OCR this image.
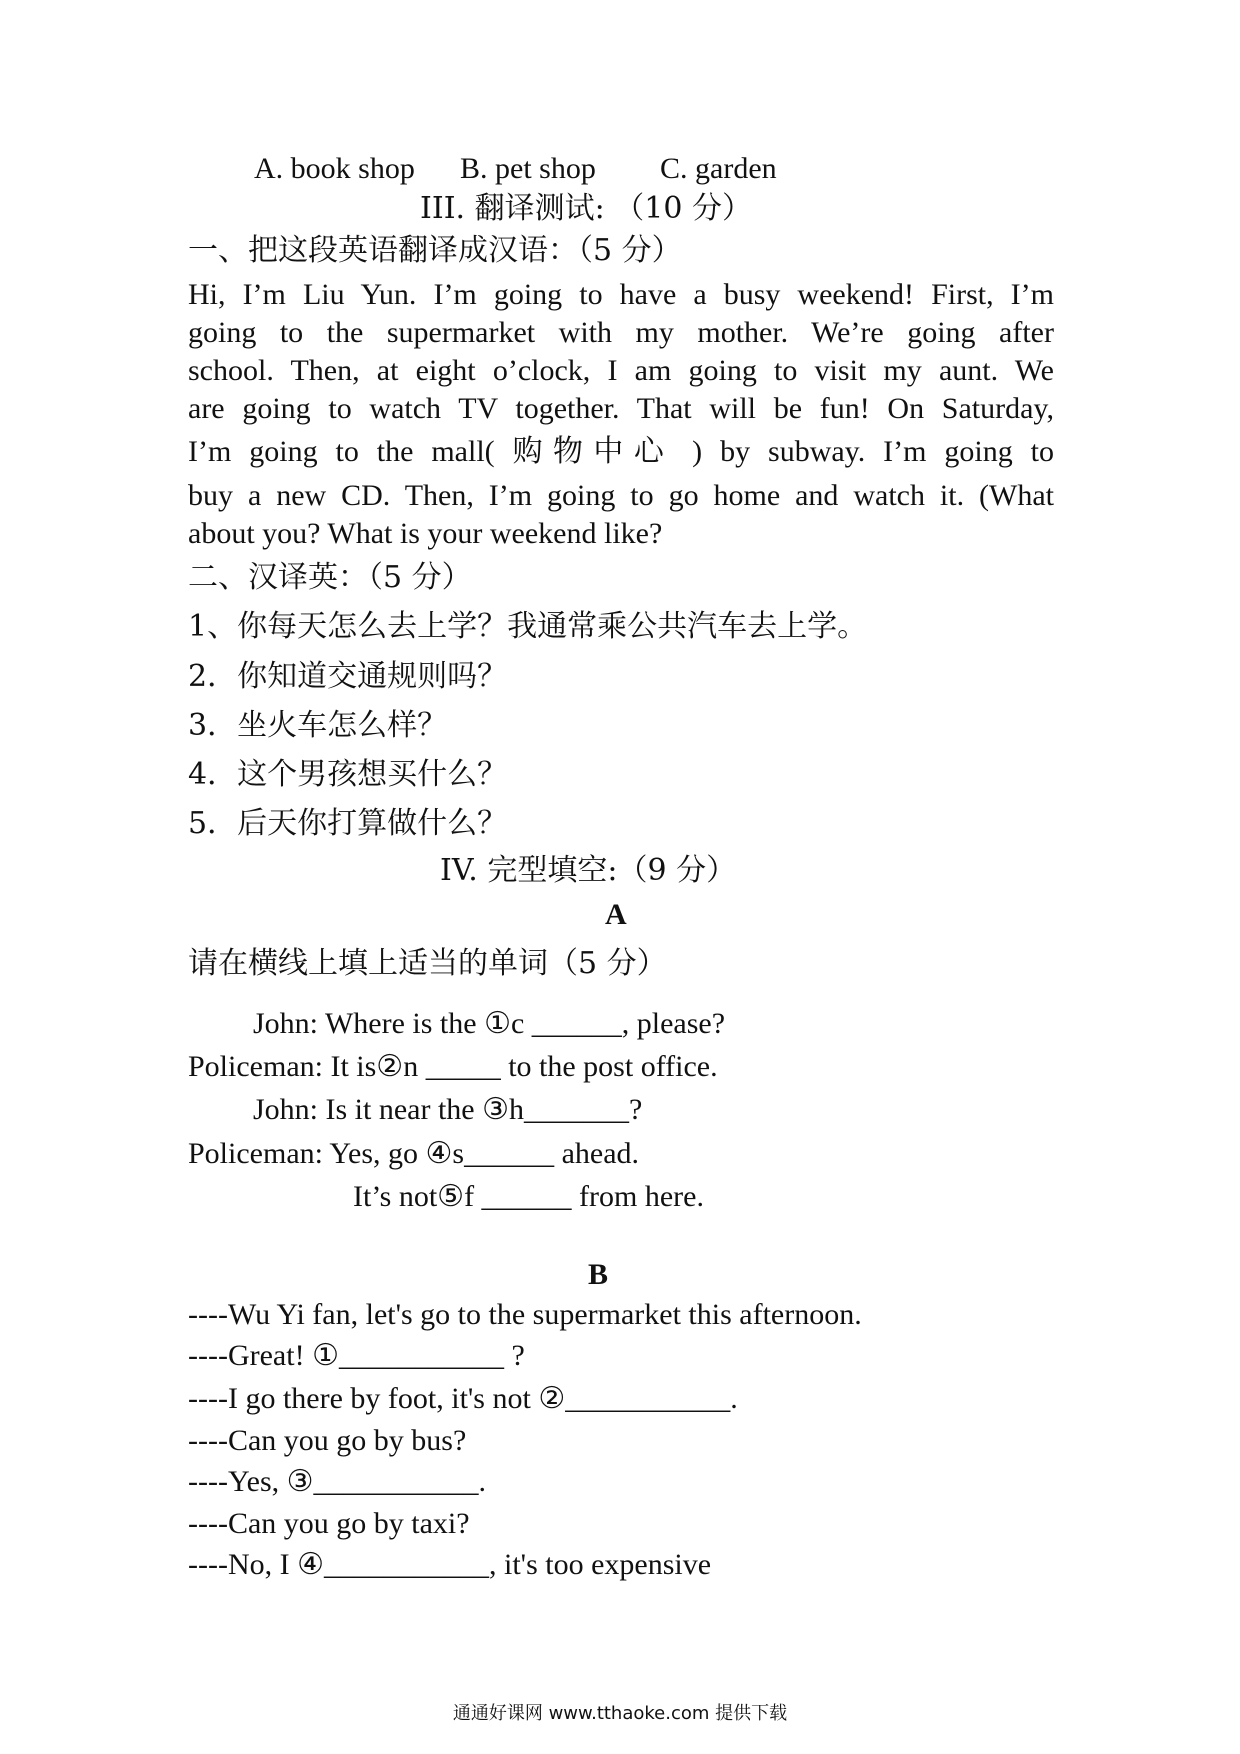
A. book shop B. pet shop C. garden
III. 翻译测试: （10 分）
一、把这段英语翻译成汉语：（5 分）
Hi, I’m Liu Yun. I’m going to have a busy weekend! First, I’m
going to the supermarket with my mother. We’re going after
school. Then, at eight o’clock, I am going to visit my aunt. We
are going to watch TV together. That will be fun! On Saturday,
I’m going to the mall( 购物中心 ) by subway. I’m going to
buy a new CD. Then, I’m going to go home and watch it. (What
about you? What is your weekend like?
二、汉译英：（5 分）
1、你每天怎么去上学？我通常乘公共汽车去上学。
2．你知道交通规则吗？
3．坐火车怎么样？
4．这个男孩想买什么？
5．后天你打算做什么？
IV. 完型填空:（9 分）
A
请在横线上填上适当的单词（5 分）
John: Where is the ①c ______, please?
Policeman: It is②n _____ to the post office.
John: Is it near the ③h_______?
Policeman: Yes, go ④s______ ahead.
It’s not⑤f ______ from here.
B
----Wu Yi fan, let's go to the supermarket this afternoon.
----Great! ①___________ ?
----I go there by foot, it's not ②___________.
----Can you go by bus?
----Yes, ③___________.
----Can you go by taxi?
----No, I ④___________, it's too expensive
通通好课网 www.tthaoke.com 提供下载
